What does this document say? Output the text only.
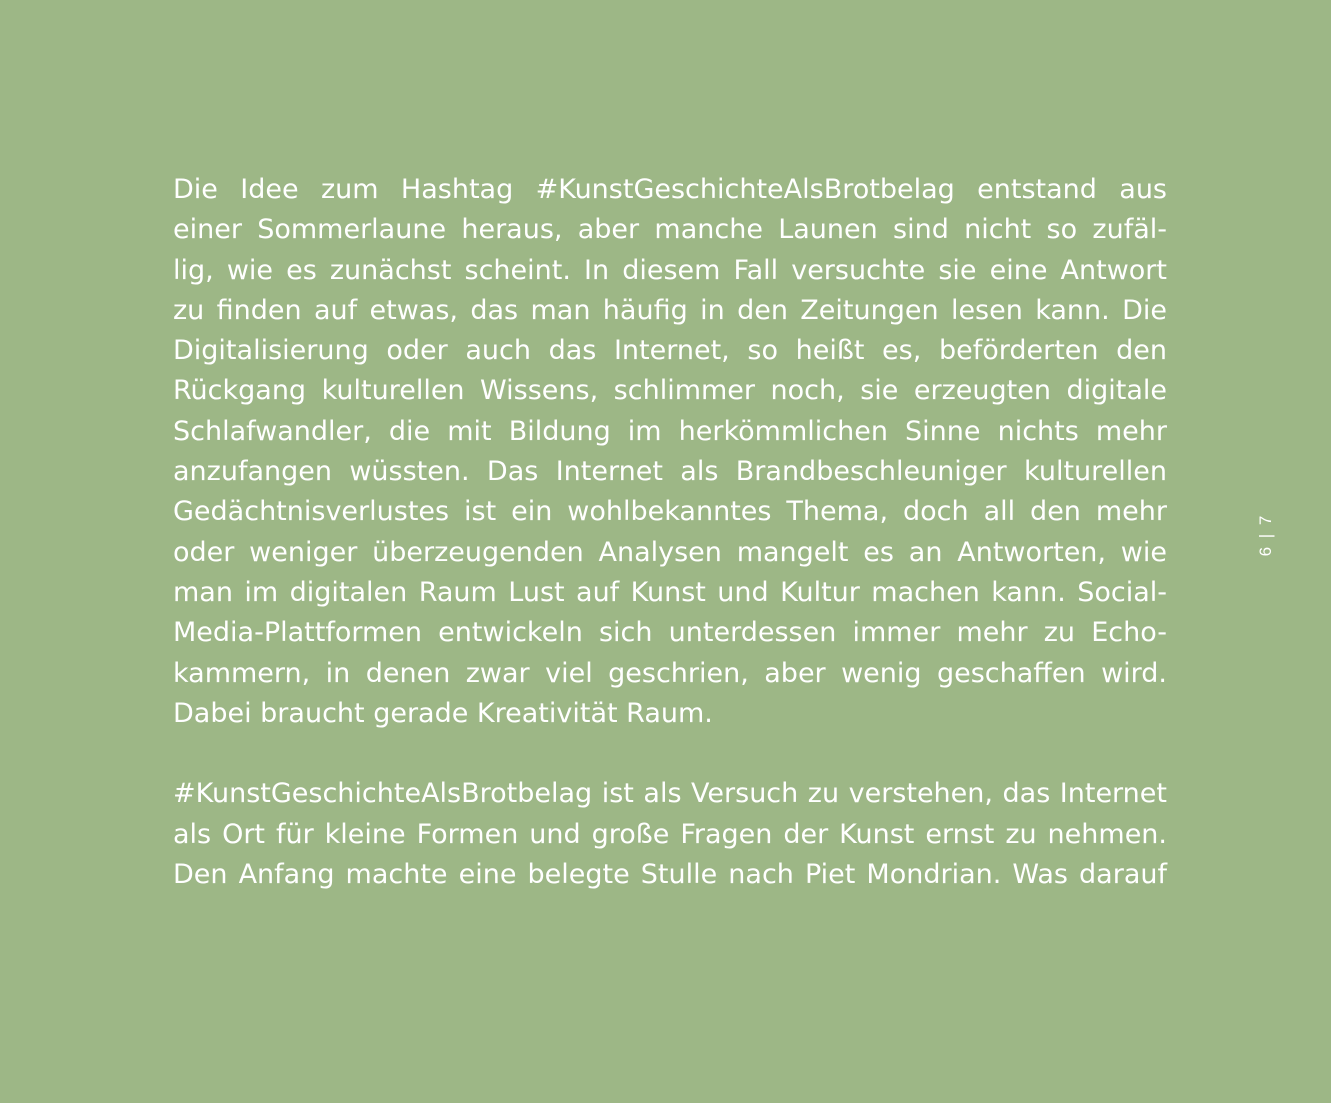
Die Idee zum Hashtag #KunstGeschichteAlsBrotbelag entstand aus
einer Sommerlaune heraus, aber manche Launen sind nicht so zufäl-
lig, wie es zunächst scheint. In diesem Fall versuchte sie eine Antwort
zu finden auf etwas, das man häufig in den Zeitungen lesen kann. Die
Digitalisierung oder auch das Internet, so heißt es, beförderten den
Rückgang kulturellen Wissens, schlimmer noch, sie erzeugten digitale
Schlafwandler, die mit Bildung im herkömmlichen Sinne nichts mehr
anzufangen wüssten. Das Internet als Brandbeschleuniger kulturellen
Gedächtnisverlustes ist ein wohlbekanntes Thema, doch all den mehr
oder weniger überzeugenden Analysen mangelt es an Antworten, wie
man im digitalen Raum Lust auf Kunst und Kultur machen kann. Social-
Media-Plattformen entwickeln sich unterdessen immer mehr zu Echo-
kammern, in denen zwar viel geschrien, aber wenig geschaffen wird.
Dabei braucht gerade Kreativität Raum.
#KunstGeschichteAlsBrotbelag ist als Versuch zu verstehen, das Internet
als Ort für kleine Formen und große Fragen der Kunst ernst zu nehmen.
Den Anfang machte eine belegte Stulle nach Piet Mondrian. Was darauf
6 | 7
